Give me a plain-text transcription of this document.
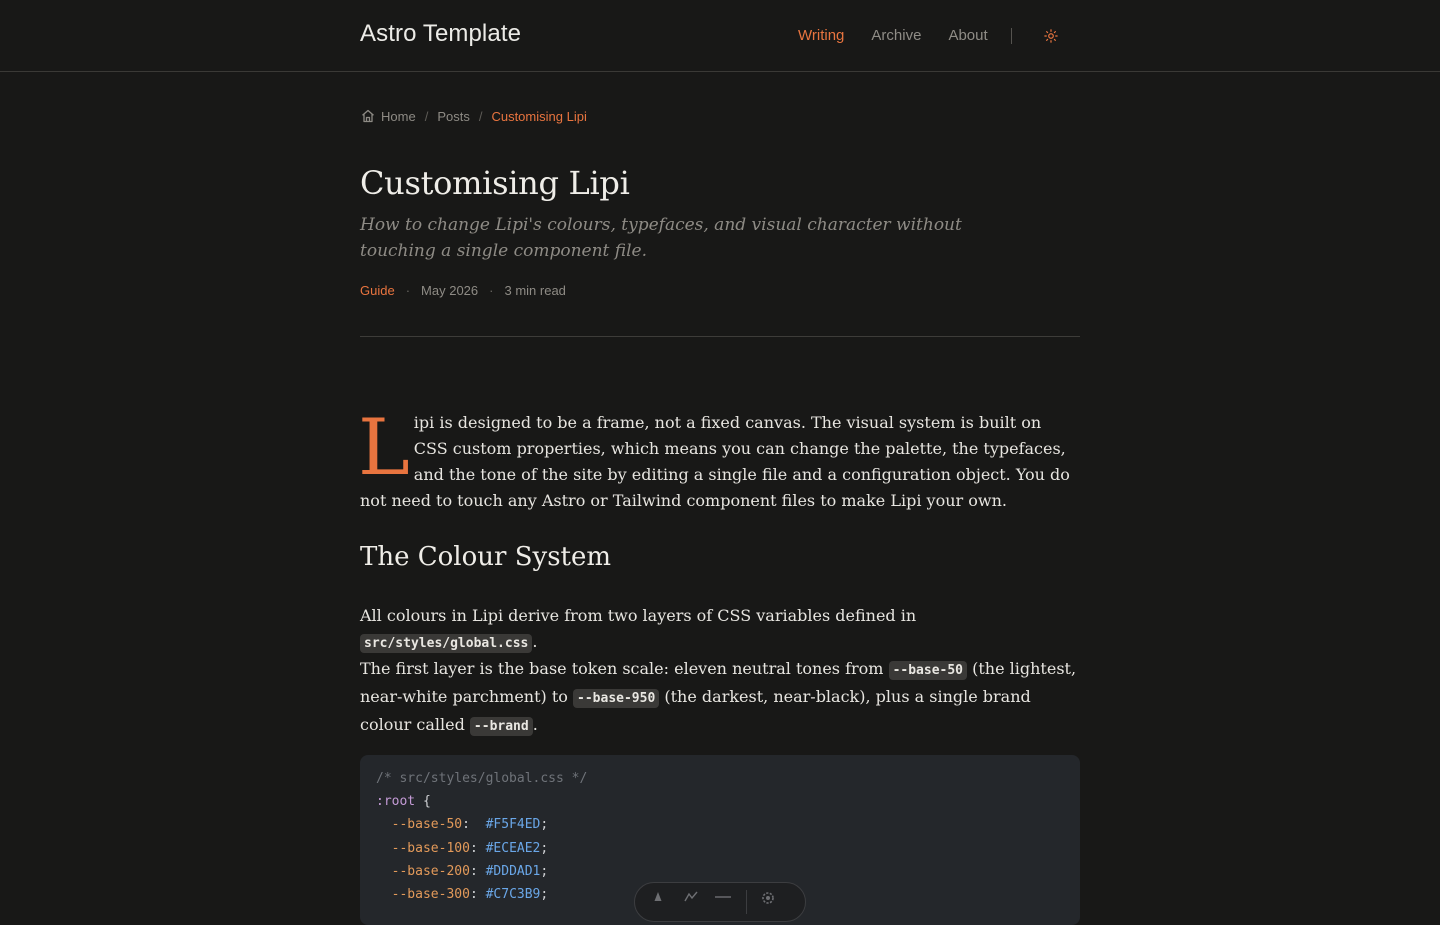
Astro Template	Writing Archive About
Home / Posts / Customising Lipi
Customising Lipi

How to change Lipi's colours, typefaces, and visual character without touching a single component file.

Guide · May 2026 · 3 min read

Lipi is designed to be a frame, not a fixed canvas. The visual system is built on CSS custom properties, which means you can change the palette, the typefaces, and the tone of the site by editing a single file and a configuration object. You do not need to touch any Astro or Tailwind component files to make Lipi your own.

The Colour System

All colours in Lipi derive from two layers of CSS variables defined in src/styles/global.css .

The first layer is the base token scale: eleven neutral tones from --base-50 (the lightest, near-white parchment) to --base-950 (the darkest, near-black), plus a single brand colour called --brand .

/* src/styles/global.css */
:root {
--base-50:  #F5F4ED;
--base-100: #ECEAE2;
--base-200: #DDDAD1;
--base-300: #C7C3B9;
